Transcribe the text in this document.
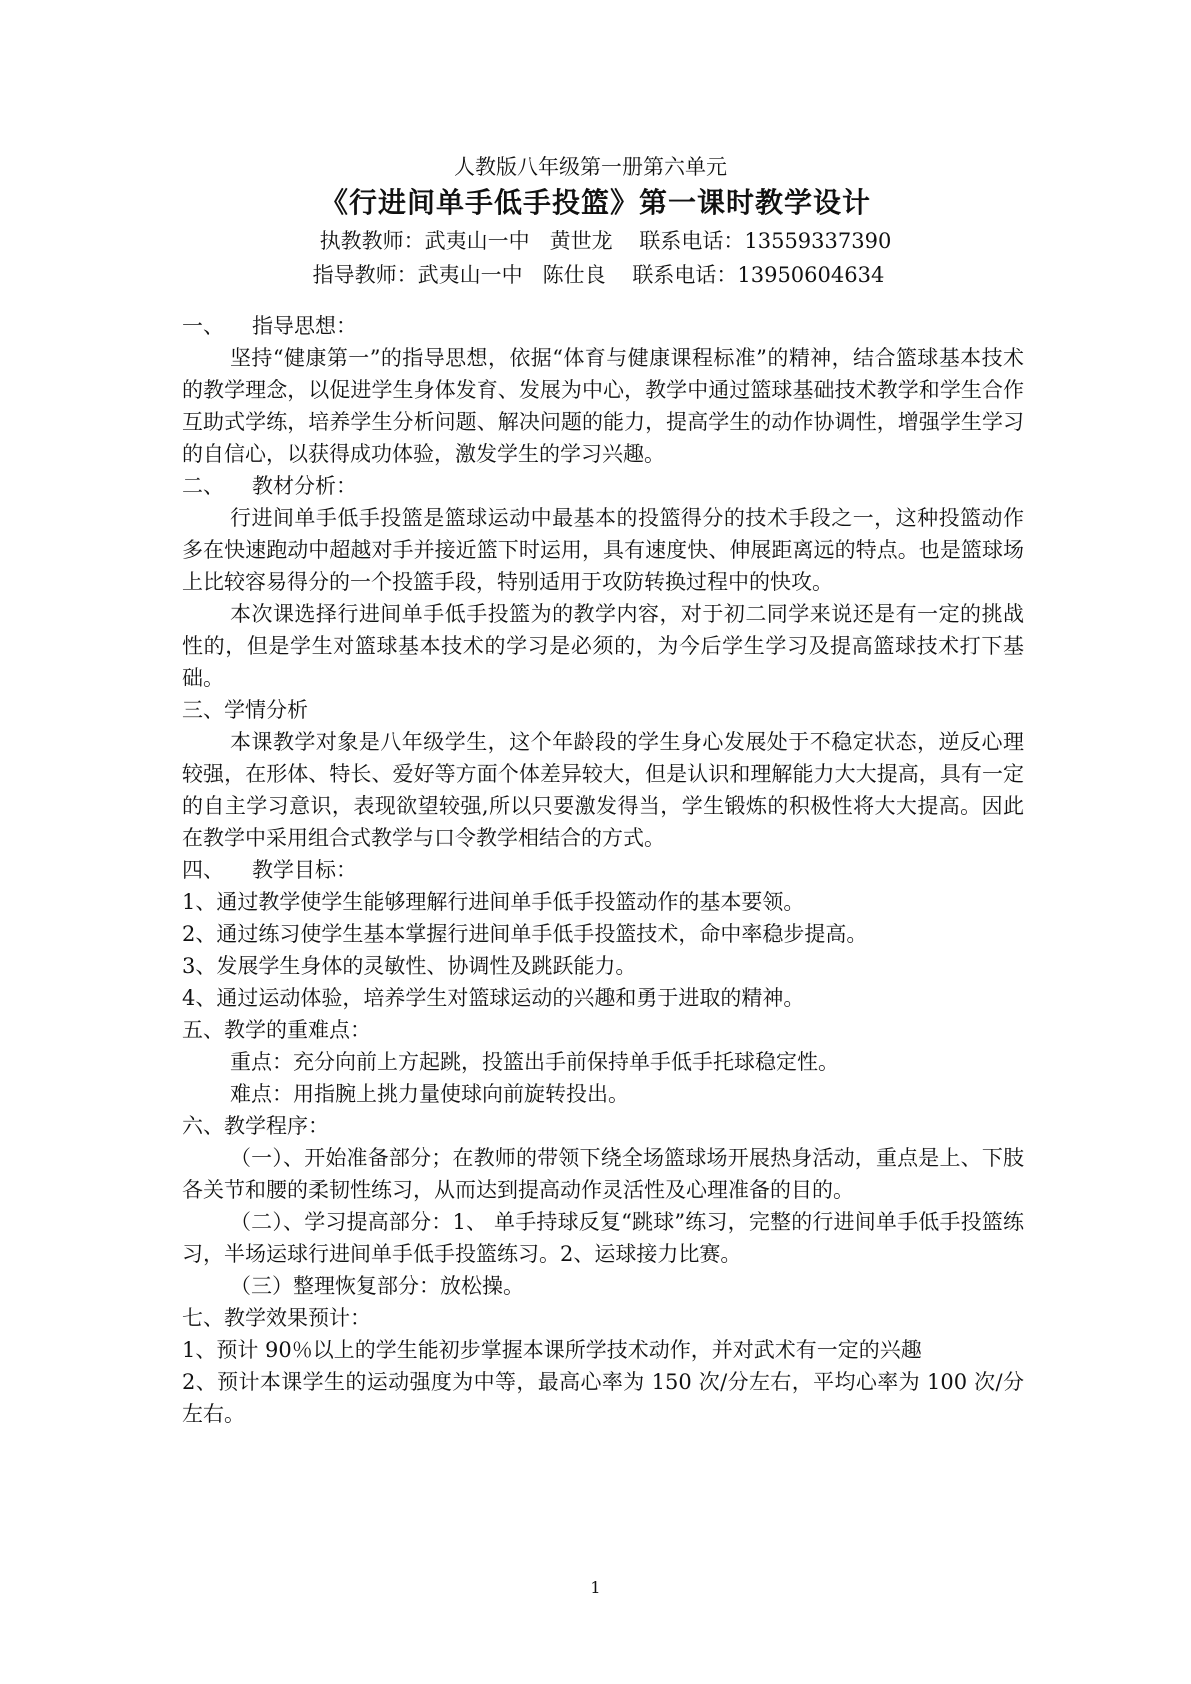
人教版八年级第一册第六单元
《行进间单手低手投篮》第一课时教学设计
执教教师：武夷山一中   黄世龙    联系电话：13559337390
指导教师：武夷山一中   陈仕良    联系电话：13950604634

一、 指导思想：

坚持“健康第一”的指导思想，依据“体育与健康课程标准”的精神，结合篮球基本技术的教学理念，以促进学生身体发育、发展为中心，教学中通过篮球基础技术教学和学生合作互助式学练，培养学生分析问题、解决问题的能力，提高学生的动作协调性，增强学生学习的自信心，以获得成功体验，激发学生的学习兴趣。

二、 教材分析：

行进间单手低手投篮是篮球运动中最基本的投篮得分的技术手段之一，这种投篮动作多在快速跑动中超越对手并接近篮下时运用，具有速度快、伸展距离远的特点。也是篮球场上比较容易得分的一个投篮手段，特别适用于攻防转换过程中的快攻。

本次课选择行进间单手低手投篮为的教学内容，对于初二同学来说还是有一定的挑战性的，但是学生对篮球基本技术的学习是必须的，为今后学生学习及提高篮球技术打下基础。

三、学情分析

本课教学对象是八年级学生，这个年龄段的学生身心发展处于不稳定状态，逆反心理较强，在形体、特长、爱好等方面个体差异较大，但是认识和理解能力大大提高，具有一定的自主学习意识，表现欲望较强,所以只要激发得当，学生锻炼的积极性将大大提高。因此在教学中采用组合式教学与口令教学相结合的方式。

四、 教学目标：

1、通过教学使学生能够理解行进间单手低手投篮动作的基本要领。

2、通过练习使学生基本掌握行进间单手低手投篮技术，命中率稳步提高。

3、发展学生身体的灵敏性、协调性及跳跃能力。

4、通过运动体验，培养学生对篮球运动的兴趣和勇于进取的精神。

五、教学的重难点：

重点：充分向前上方起跳，投篮出手前保持单手低手托球稳定性。

难点：用指腕上挑力量使球向前旋转投出。

六、教学程序：

（一）、开始准备部分；在教师的带领下绕全场篮球场开展热身活动，重点是上、下肢各关节和腰的柔韧性练习，从而达到提高动作灵活性及心理准备的目的。

（二）、学习提高部分：1、 单手持球反复“跳球”练习，完整的行进间单手低手投篮练习，半场运球行进间单手低手投篮练习。2、运球接力比赛。

（三）整理恢复部分：放松操。

七、教学效果预计：

1、预计 90％以上的学生能初步掌握本课所学技术动作，并对武术有一定的兴趣

2、预计本课学生的运动强度为中等，最高心率为 150 次/分左右，平均心率为 100 次/分左右。

1
